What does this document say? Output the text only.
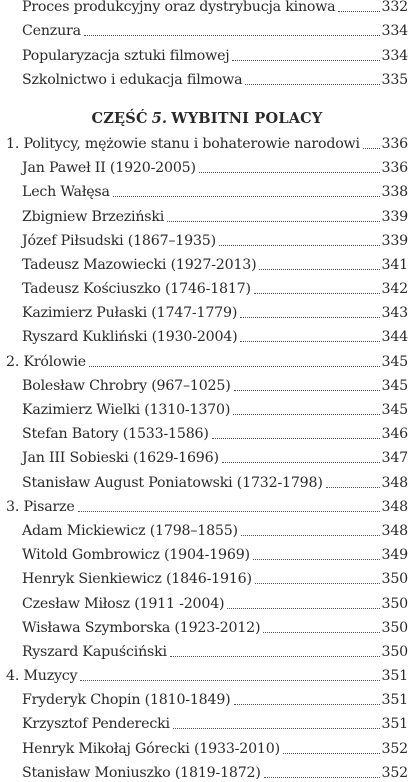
Proces produkcyjny oraz dystrybucja kinowa	332
Cenzura	334
Popularyzacja sztuki filmowej	334
Szkolnictwo i edukacja filmowa	335
CZĘŚĆ 5. WYBITNI POLACY
1. Politycy, mężowie stanu i bohaterowie narodowi 336
Jan Paweł II (1920-2005)	336
Lech Wałęsa	338
Zbigniew Brzeziński	339
Józef Piłsudski (1867–1935)	339
Tadeusz Mazowiecki (1927-2013)	341
Tadeusz Kościuszko (1746-1817)	342
Kazimierz Pułaski (1747-1779)	343
Ryszard Kukliński (1930-2004)	344
2. Królowie	345
Bolesław Chrobry (967–1025)	345
Kazimierz Wielki (1310-1370)	345
Stefan Batory (1533-1586)	346
Jan III Sobieski (1629-1696)	347
Stanisław August Poniatowski (1732-1798)	348
3. Pisarze	348
Adam Mickiewicz (1798–1855)	348
Witold Gombrowicz (1904-1969)	349
Henryk Sienkiewicz (1846-1916)	350
Czesław Miłosz (1911 -2004)	350
Wisława Szymborska (1923-2012)	350
Ryszard Kapuściński	350
4. Muzycy	351
Fryderyk Chopin (1810-1849)	351
Krzysztof Penderecki	351
Henryk Mikołaj Górecki (1933-2010)	352
Stanisław Moniuszko (1819-1872)	352
